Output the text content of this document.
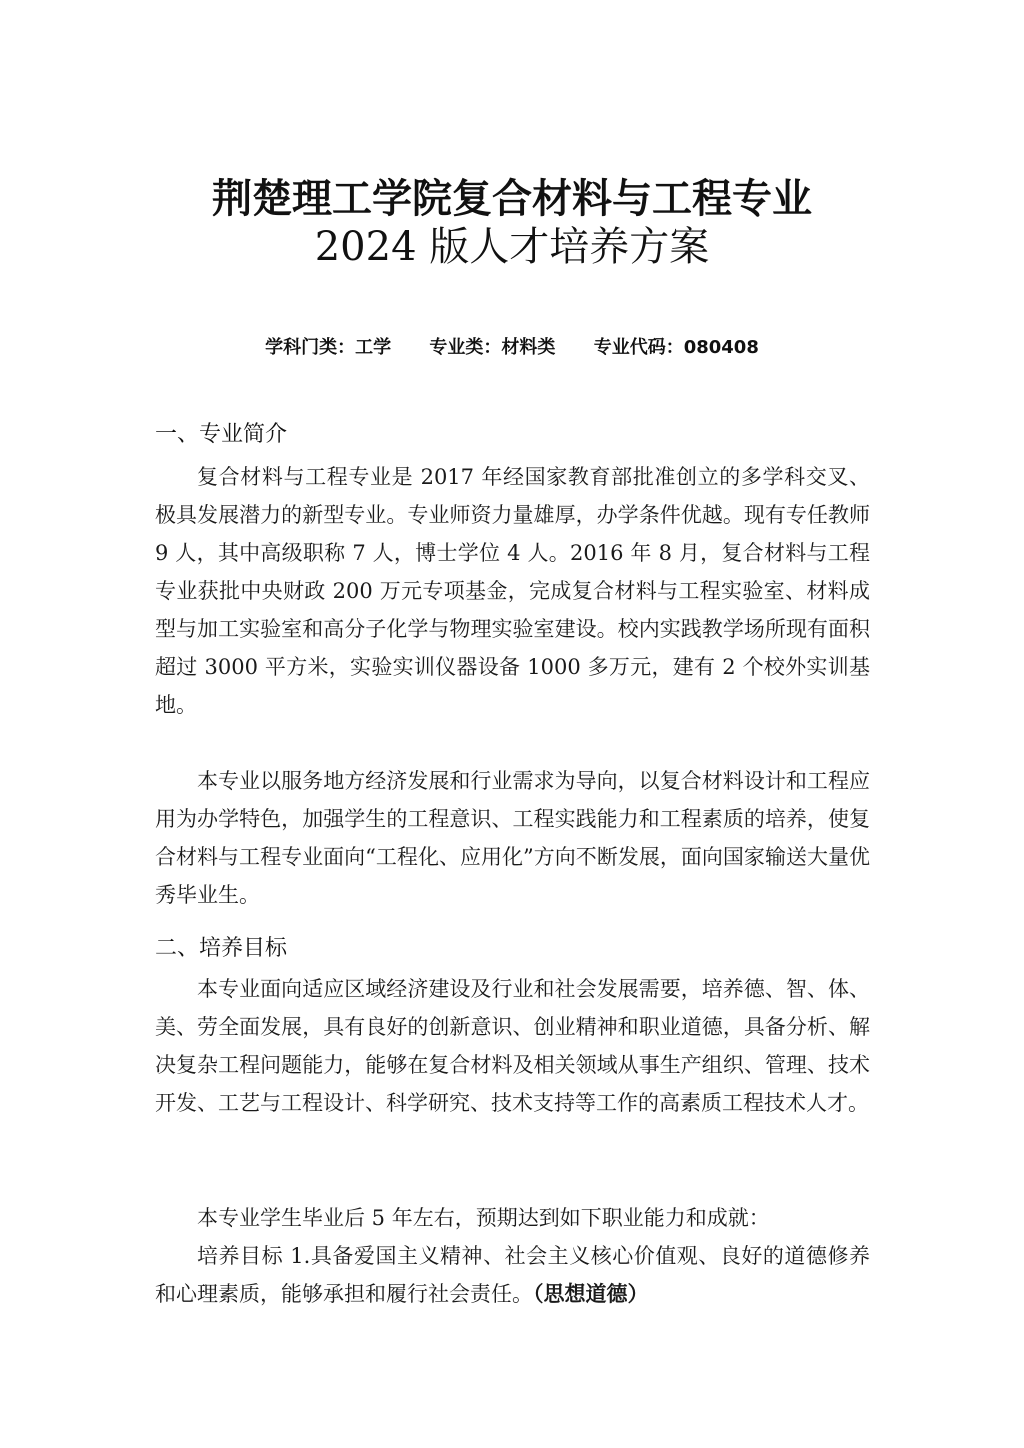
荆楚理工学院复合材料与工程专业
2024 版人才培养方案
学科门类：工学 专业类：材料类 专业代码：080408
一、专业简介

复合材料与工程专业是 2017 年经国家教育部批准创立的多学科交叉、极具发展潜力的新型专业。专业师资力量雄厚，办学条件优越。现有专任教师 9 人，其中高级职称 7 人，博士学位 4 人。2016 年 8 月，复合材料与工程专业获批中央财政 200 万元专项基金，完成复合材料与工程实验室、材料成型与加工实验室和高分子化学与物理实验室建设。校内实践教学场所现有面积超过 3000 平方米，实验实训仪器设备 1000 多万元，建有 2 个校外实训基地。

本专业以服务地方经济发展和行业需求为导向，以复合材料设计和工程应用为办学特色，加强学生的工程意识、工程实践能力和工程素质的培养，使复合材料与工程专业面向“工程化、应用化”方向不断发展，面向国家输送大量优秀毕业生。

二、培养目标

本专业面向适应区域经济建设及行业和社会发展需要，培养德、智、体、美、劳全面发展，具有良好的创新意识、创业精神和职业道德，具备分析、解决复杂工程问题能力，能够在复合材料及相关领域从事生产组织、管理、技术开发、工艺与工程设计、科学研究、技术支持等工作的高素质工程技术人才。

本专业学生毕业后 5 年左右，预期达到如下职业能力和成就：

培养目标 1.具备爱国主义精神、社会主义核心价值观、良好的道德修养和心理素质，能够承担和履行社会责任。（思想道德）
